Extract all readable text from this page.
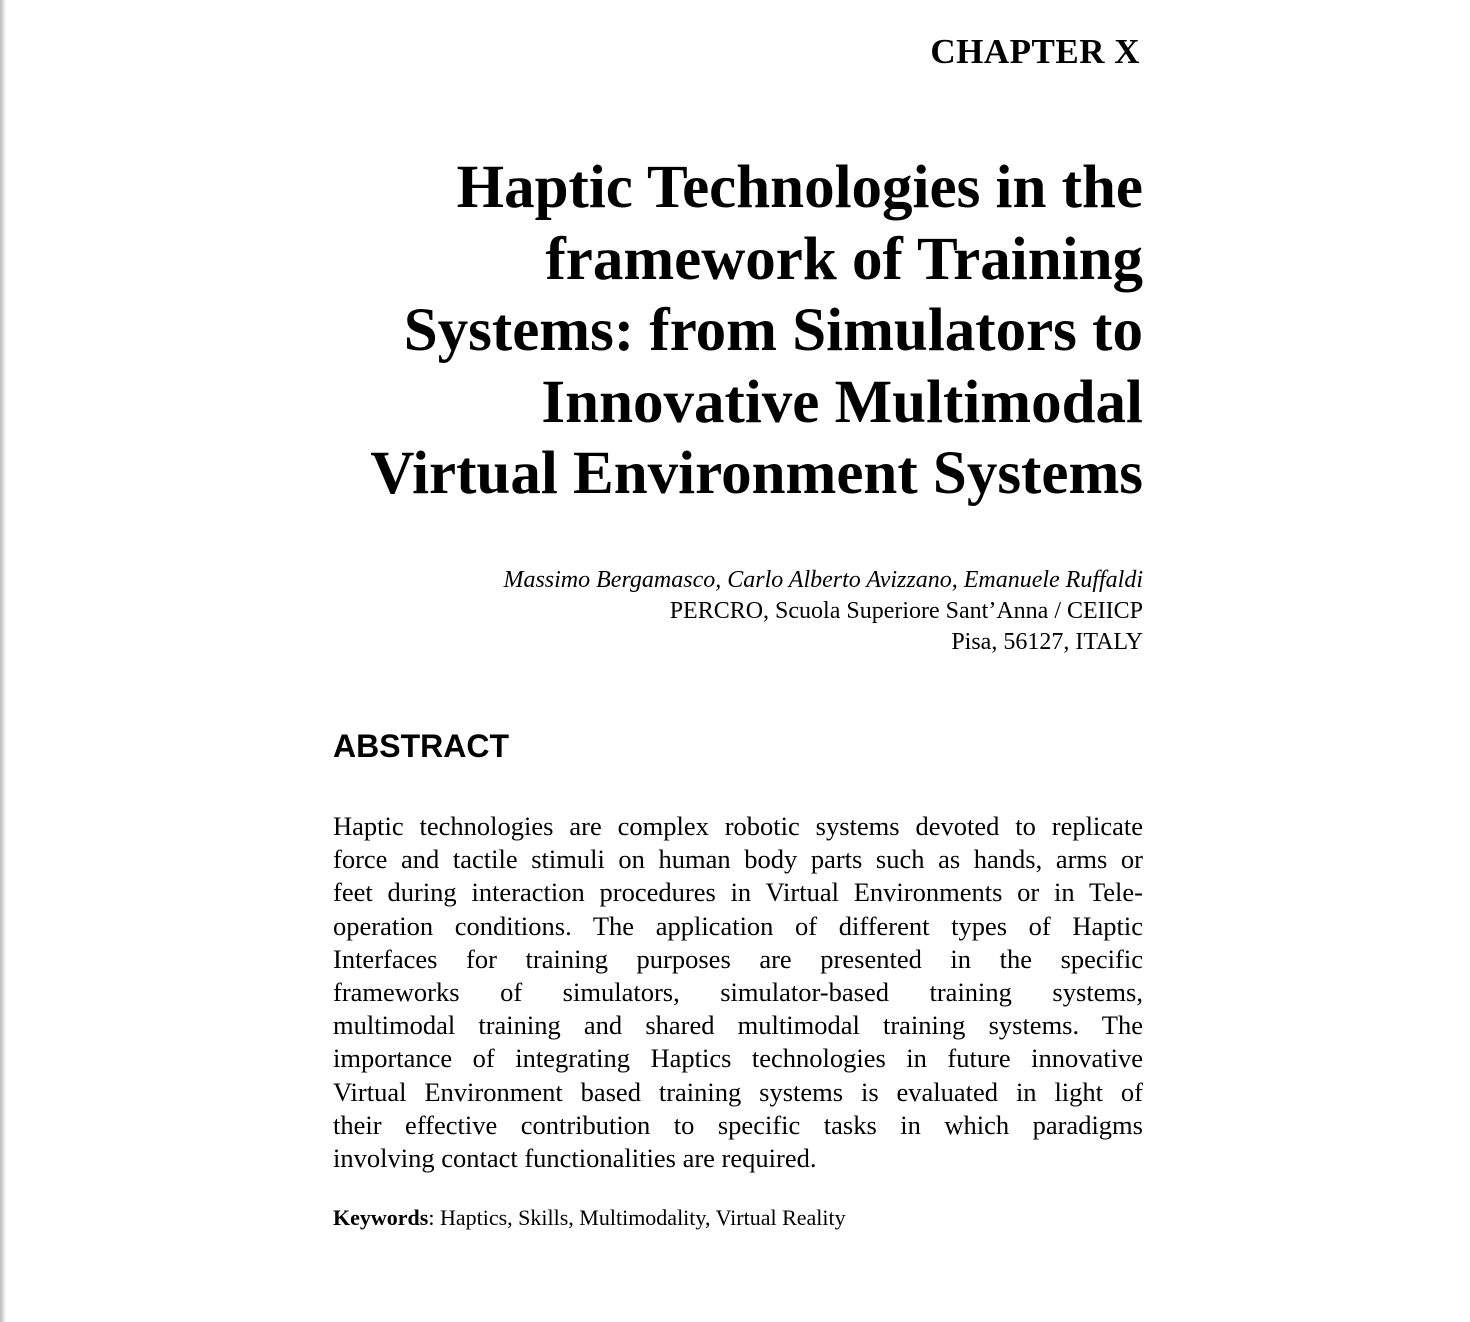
CHAPTER X
Haptic Technologies in the
framework of Training
Systems: from Simulators to
Innovative Multimodal
Virtual Environment Systems
Massimo Bergamasco, Carlo Alberto Avizzano, Emanuele Ruffaldi
PERCRO, Scuola Superiore Sant’Anna / CEIICP
Pisa, 56127, ITALY
ABSTRACT

Haptic technologies are complex robotic systems devoted to replicate
force and tactile stimuli on human body parts such as hands, arms or
feet during interaction procedures in Virtual Environments or in Tele-
operation conditions. The application of different types of Haptic
Interfaces for training purposes are presented in the specific
frameworks of simulators, simulator-based training systems,
multimodal training and shared multimodal training systems. The
importance of integrating Haptics technologies in future innovative
Virtual Environment based training systems is evaluated in light of
their effective contribution to specific tasks in which paradigms
involving contact functionalities are required.

Keywords: Haptics, Skills, Multimodality, Virtual Reality
